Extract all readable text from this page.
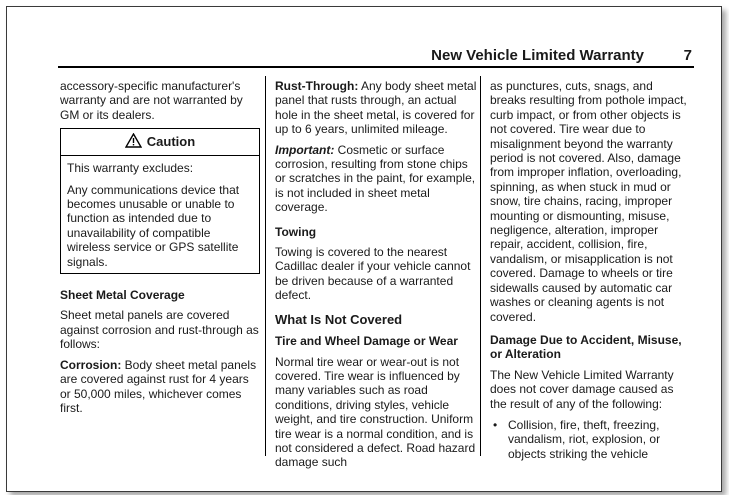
New Vehicle Limited Warranty	7

accessory-specific manufacturer's warranty and are not warranted by GM or its dealers.

Caution

This warranty excludes:

Any communications device that becomes unusable or unable to function as intended due to unavailability of compatible wireless service or GPS satellite signals.

Sheet Metal Coverage

Sheet metal panels are covered against corrosion and rust-through as follows:

Corrosion: Body sheet metal panels are covered against rust for 4 years or 50,000 miles, whichever comes first.

Rust-Through: Any body sheet metal panel that rusts through, an actual hole in the sheet metal, is covered for up to 6 years, unlimited mileage.

Important: Cosmetic or surface corrosion, resulting from stone chips or scratches in the paint, for example, is not included in sheet metal coverage.

Towing

Towing is covered to the nearest Cadillac dealer if your vehicle cannot be driven because of a warranted defect.

What Is Not Covered

Tire and Wheel Damage or Wear

Normal tire wear or wear-out is not covered. Tire wear is influenced by many variables such as road conditions, driving styles, vehicle weight, and tire construction. Uniform tire wear is a normal condition, and is not considered a defect. Road hazard damage such

as punctures, cuts, snags, and breaks resulting from pothole impact, curb impact, or from other objects is not covered. Tire wear due to misalignment beyond the warranty period is not covered. Also, damage from improper inflation, overloading, spinning, as when stuck in mud or snow, tire chains, racing, improper mounting or dismounting, misuse, negligence, alteration, improper repair, accident, collision, fire, vandalism, or misapplication is not covered. Damage to wheels or tire sidewalls caused by automatic car washes or cleaning agents is not covered.

Damage Due to Accident, Misuse, or Alteration

The New Vehicle Limited Warranty does not cover damage caused as the result of any of the following:

• Collision, fire, theft, freezing, vandalism, riot, explosion, or objects striking the vehicle
